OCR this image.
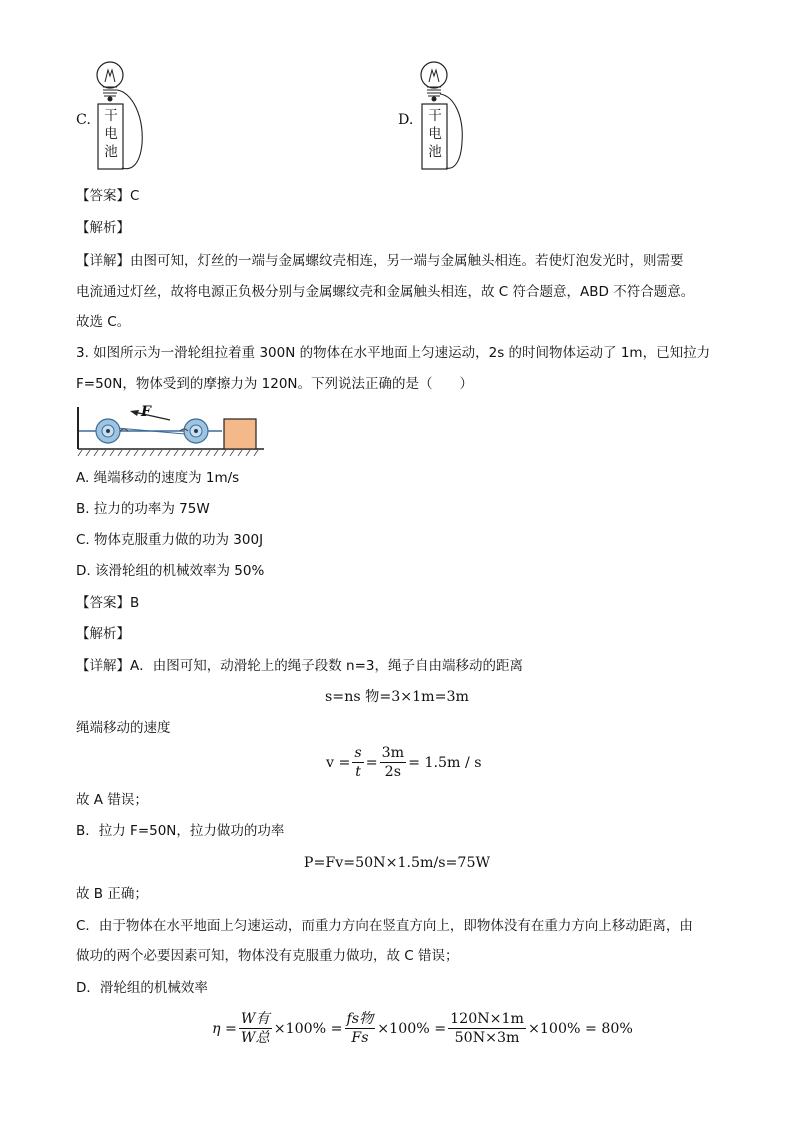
C. 干
电
池
D. 干
电
池
【答案】C
【解析】
【详解】由图可知，灯丝的一端与金属螺纹壳相连，另一端与金属触头相连。若使灯泡发光时，则需要
电流通过灯丝，故将电源正负极分别与金属螺纹壳和金属触头相连，故 C 符合题意，ABD 不符合题意。
故选 C。
3. 如图所示为一滑轮组拉着重 300N 的物体在水平地面上匀速运动，2s 的时间物体运动了 1m，已知拉力
F=50N，物体受到的摩擦力为 120N。下列说法正确的是（　　）
F
A. 绳端移动的速度为 1m/s
B. 拉力的功率为 75W
C. 物体克服重力做的功为 300J
D. 该滑轮组的机械效率为 50%
【答案】B
【解析】
【详解】A．由图可知，动滑轮上的绳子段数 n=3，绳子自由端移动的距离
s=ns 物=3×1m=3m
绳端移动的速度
$v = \frac{s}{t} = \frac{3m}{2s} = 1.5m / s$
故 A 错误；
B．拉力 F=50N，拉力做功的功率
P=Fv=50N×1.5m/s=75W
故 B 正确；
C．由于物体在水平地面上匀速运动，而重力方向在竖直方向上，即物体没有在重力方向上移动距离，由
做功的两个必要因素可知，物体没有克服重力做功，故 C 错误；
D．滑轮组的机械效率
$\eta = \frac{\text{W有}}{\text{W总}} \times 100\% = \frac{\text{fs物}}{Fs} \times 100\% = \frac{120N\times 1m}{50N\times 3m} \times 100\% = 80\%$
